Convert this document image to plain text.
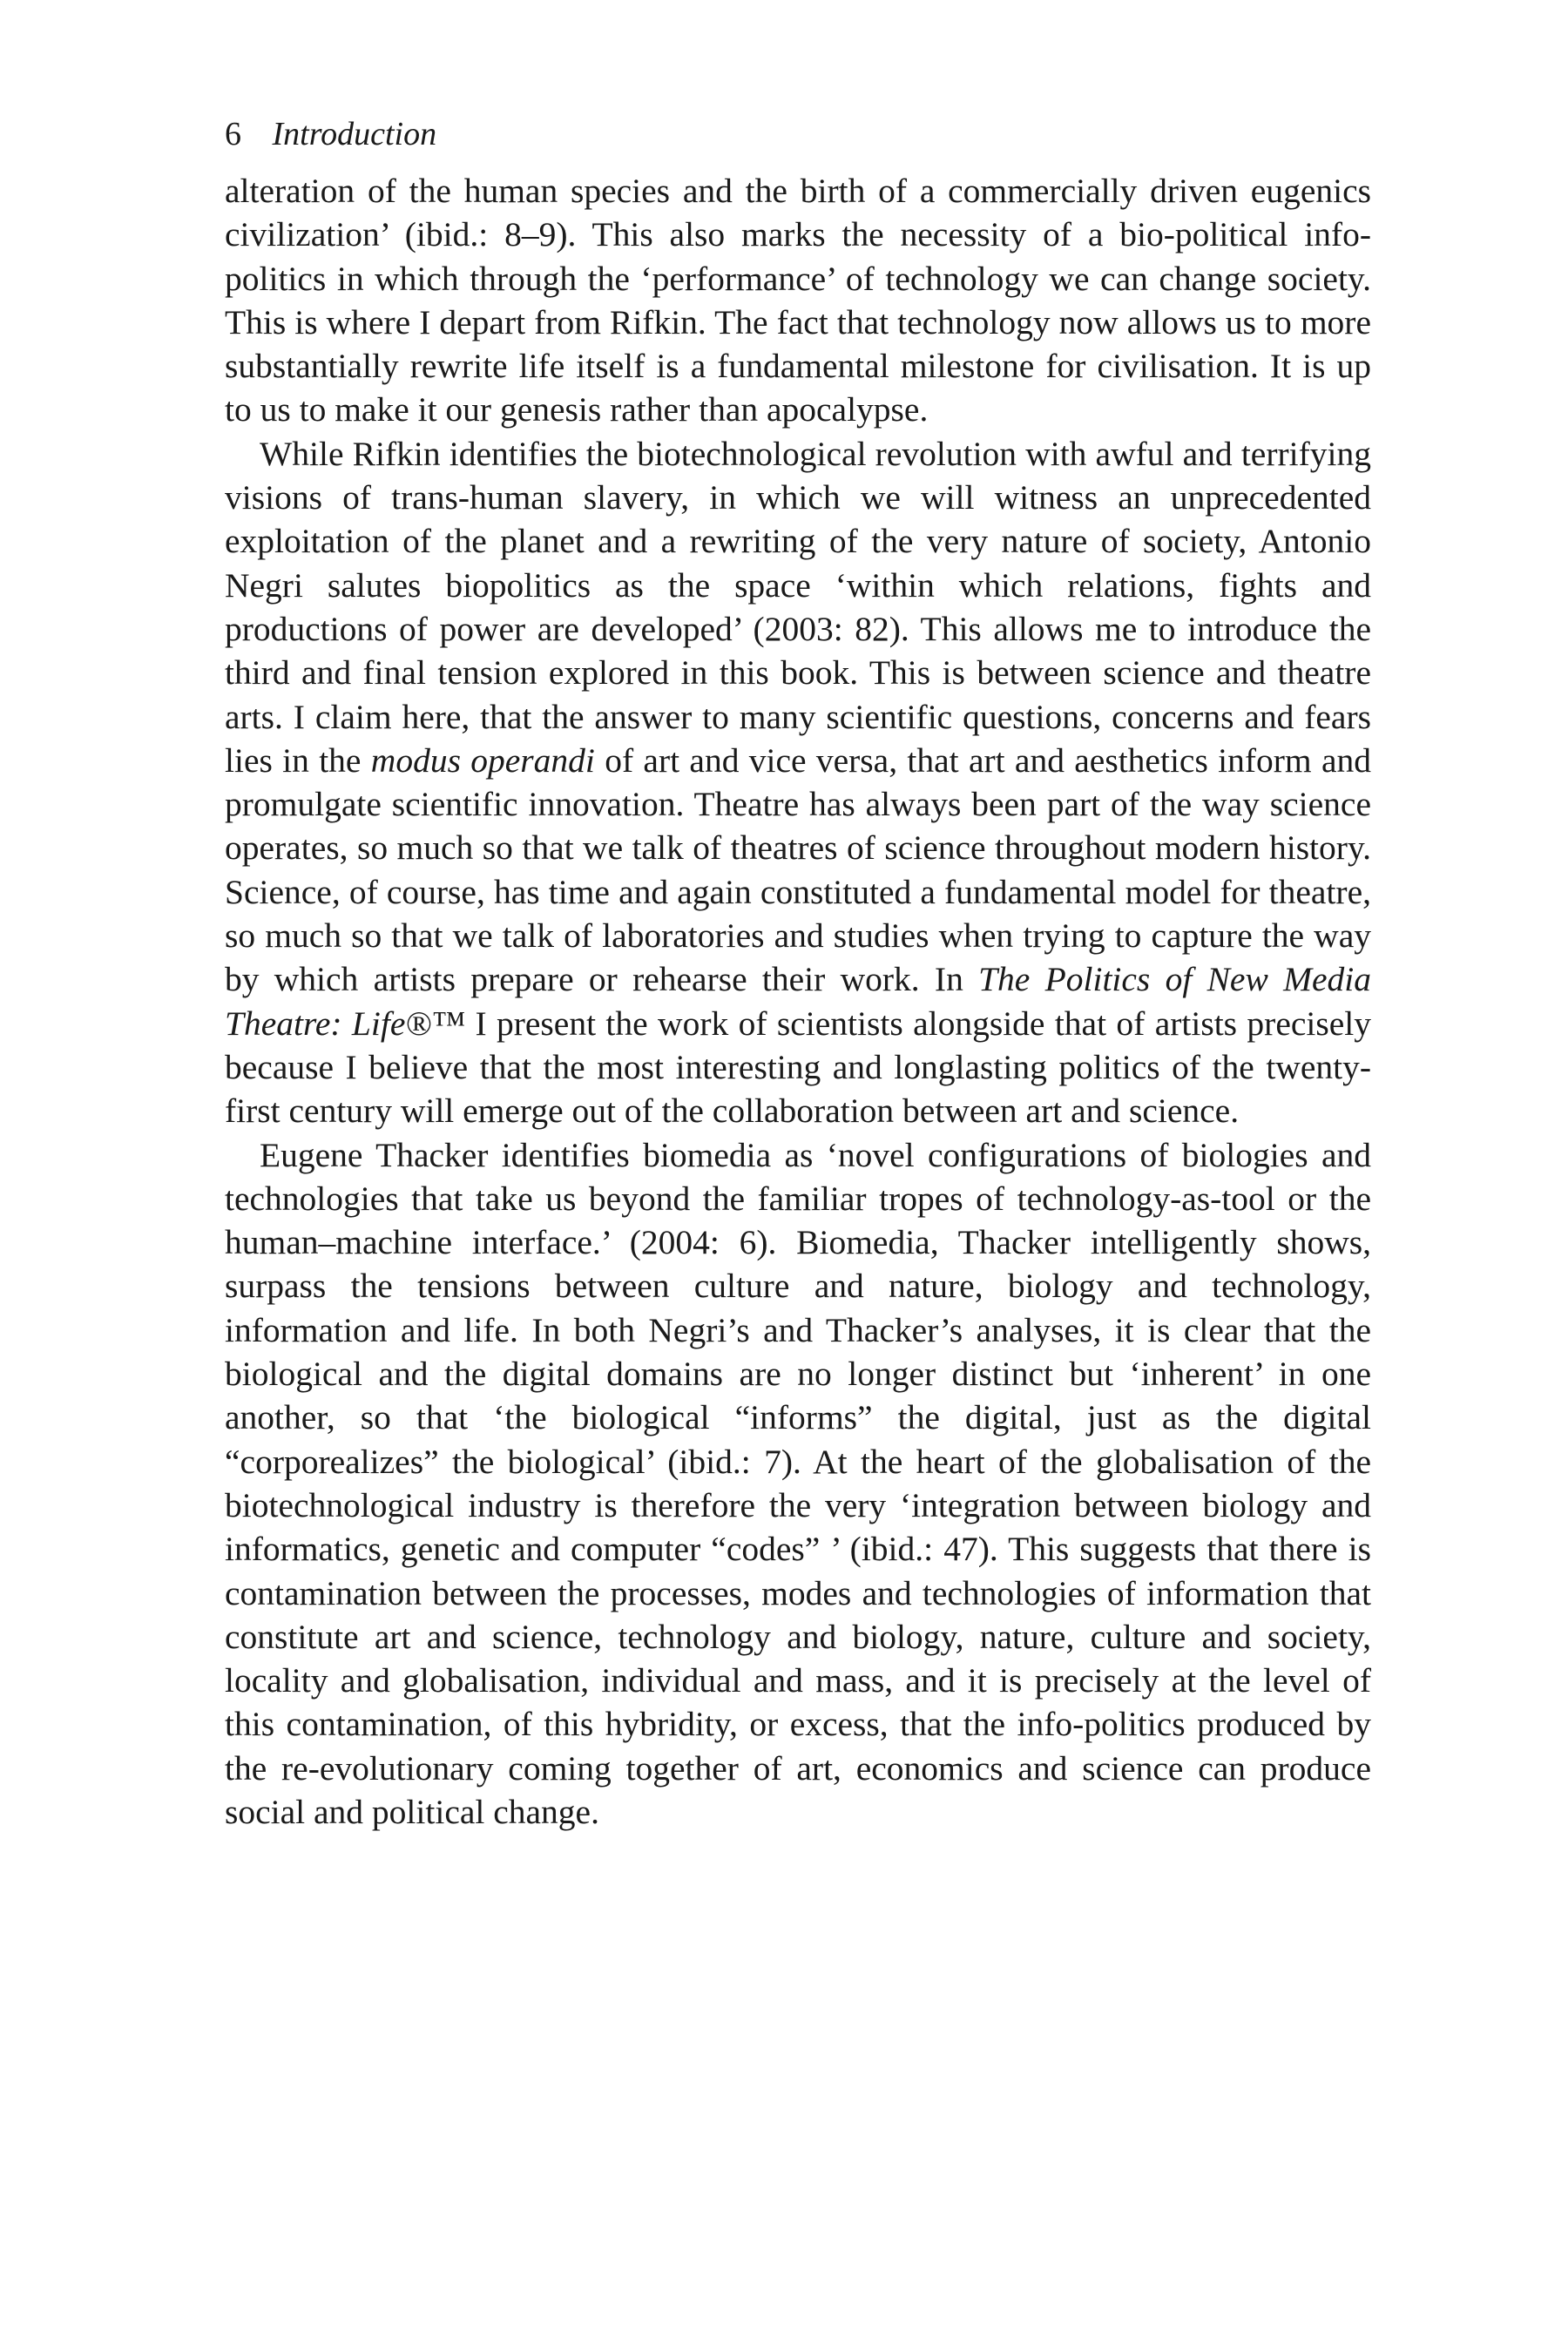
6 Introduction

alteration of the human species and the birth of a commercially driven eugenics civilization’ (ibid.: 8–9). This also marks the necessity of a bio-political info-politics in which through the ‘performance’ of technology we can change society. This is where I depart from Rifkin. The fact that technology now allows us to more substantially rewrite life itself is a fundamental milestone for civilisation. It is up to us to make it our genesis rather than apocalypse.

While Rifkin identifies the biotechnological revolution with awful and terrifying visions of trans-human slavery, in which we will witness an unprecedented exploitation of the planet and a rewriting of the very nature of society, Antonio Negri salutes biopolitics as the space ‘within which relations, fights and productions of power are developed’ (2003: 82). This allows me to introduce the third and final tension explored in this book. This is between science and theatre arts. I claim here, that the answer to many scientific questions, concerns and fears lies in the modus operandi of art and vice versa, that art and aesthetics inform and promulgate scientific innovation. Theatre has always been part of the way science operates, so much so that we talk of theatres of science throughout modern history. Science, of course, has time and again constituted a fundamental model for theatre, so much so that we talk of laboratories and studies when trying to capture the way by which artists prepare or rehearse their work. In The Politics of New Media Theatre: Life®™ I present the work of scientists alongside that of artists precisely because I believe that the most interesting and longlasting politics of the twenty-first century will emerge out of the collaboration between art and science.

Eugene Thacker identifies biomedia as ‘novel configurations of biologies and technologies that take us beyond the familiar tropes of technology-as-tool or the human–machine interface.’ (2004: 6). Biomedia, Thacker intelligently shows, surpass the tensions between culture and nature, biology and technology, information and life. In both Negri’s and Thacker’s analyses, it is clear that the biological and the digital domains are no longer distinct but ‘inherent’ in one another, so that ‘the biological “informs” the digital, just as the digital “corporealizes” the biological’ (ibid.: 7). At the heart of the globalisation of the biotechnological industry is therefore the very ‘integration between biology and informatics, genetic and computer “codes” ’ (ibid.: 47). This suggests that there is contamination between the processes, modes and technologies of information that constitute art and science, technology and biology, nature, culture and society, locality and globalisation, individual and mass, and it is precisely at the level of this contamination, of this hybridity, or excess, that the info-politics produced by the re-evolutionary coming together of art, economics and science can produce social and political change.
